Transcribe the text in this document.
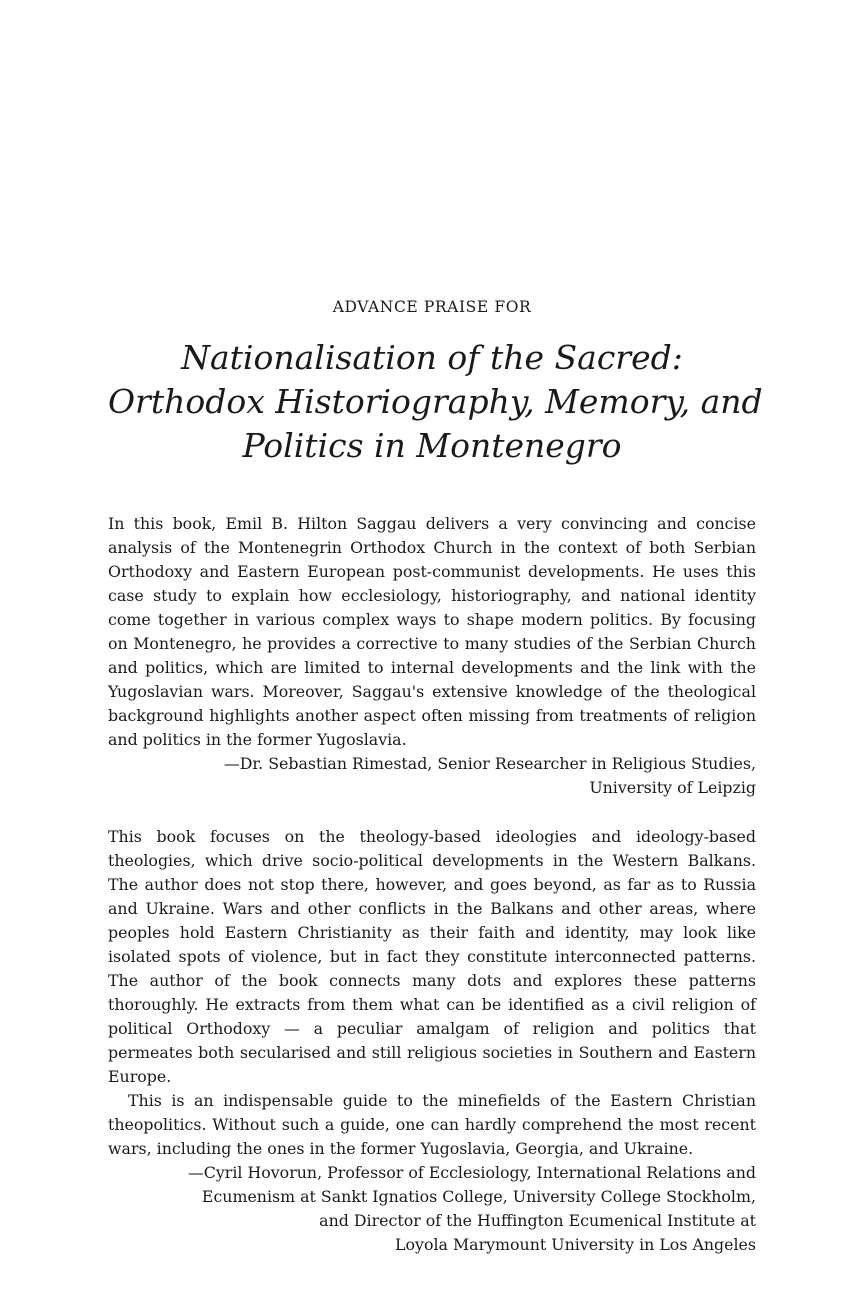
ADVANCE PRAISE FOR
Nationalisation of the Sacred:
Orthodox Historiography, Memory, and
Politics in Montenegro

In this book, Emil B. Hilton Saggau delivers a very convincing and concise analysis of the Montenegrin Orthodox Church in the context of both Serbian Orthodoxy and Eastern European post-communist developments. He uses this case study to explain how ecclesiology, historiography, and national identity come together in various complex ways to shape modern politics. By focusing on Montenegro, he provides a corrective to many studies of the Serbian Church and politics, which are limited to internal developments and the link with the Yugoslavian wars. Moreover, Saggau's extensive knowledge of the theological background highlights another aspect often missing from treatments of religion and politics in the former Yugoslavia.

—Dr. Sebastian Rimestad, Senior Researcher in Religious Studies,
University of Leipzig

This book focuses on the theology-based ideologies and ideology-based theologies, which drive socio-political developments in the Western Balkans. The author does not stop there, however, and goes beyond, as far as to Russia and Ukraine. Wars and other conflicts in the Balkans and other areas, where peoples hold Eastern Christianity as their faith and identity, may look like isolated spots of violence, but in fact they constitute interconnected patterns. The author of the book connects many dots and explores these patterns thoroughly. He extracts from them what can be identified as a civil religion of political Orthodoxy — a peculiar amalgam of religion and politics that permeates both secularised and still religious societies in Southern and Eastern Europe.

This is an indispensable guide to the minefields of the Eastern Christian theopolitics. Without such a guide, one can hardly comprehend the most recent wars, including the ones in the former Yugoslavia, Georgia, and Ukraine.

—Cyril Hovorun, Professor of Ecclesiology, International Relations and
Ecumenism at Sankt Ignatios College, University College Stockholm,
and Director of the Huffington Ecumenical Institute at
Loyola Marymount University in Los Angeles
